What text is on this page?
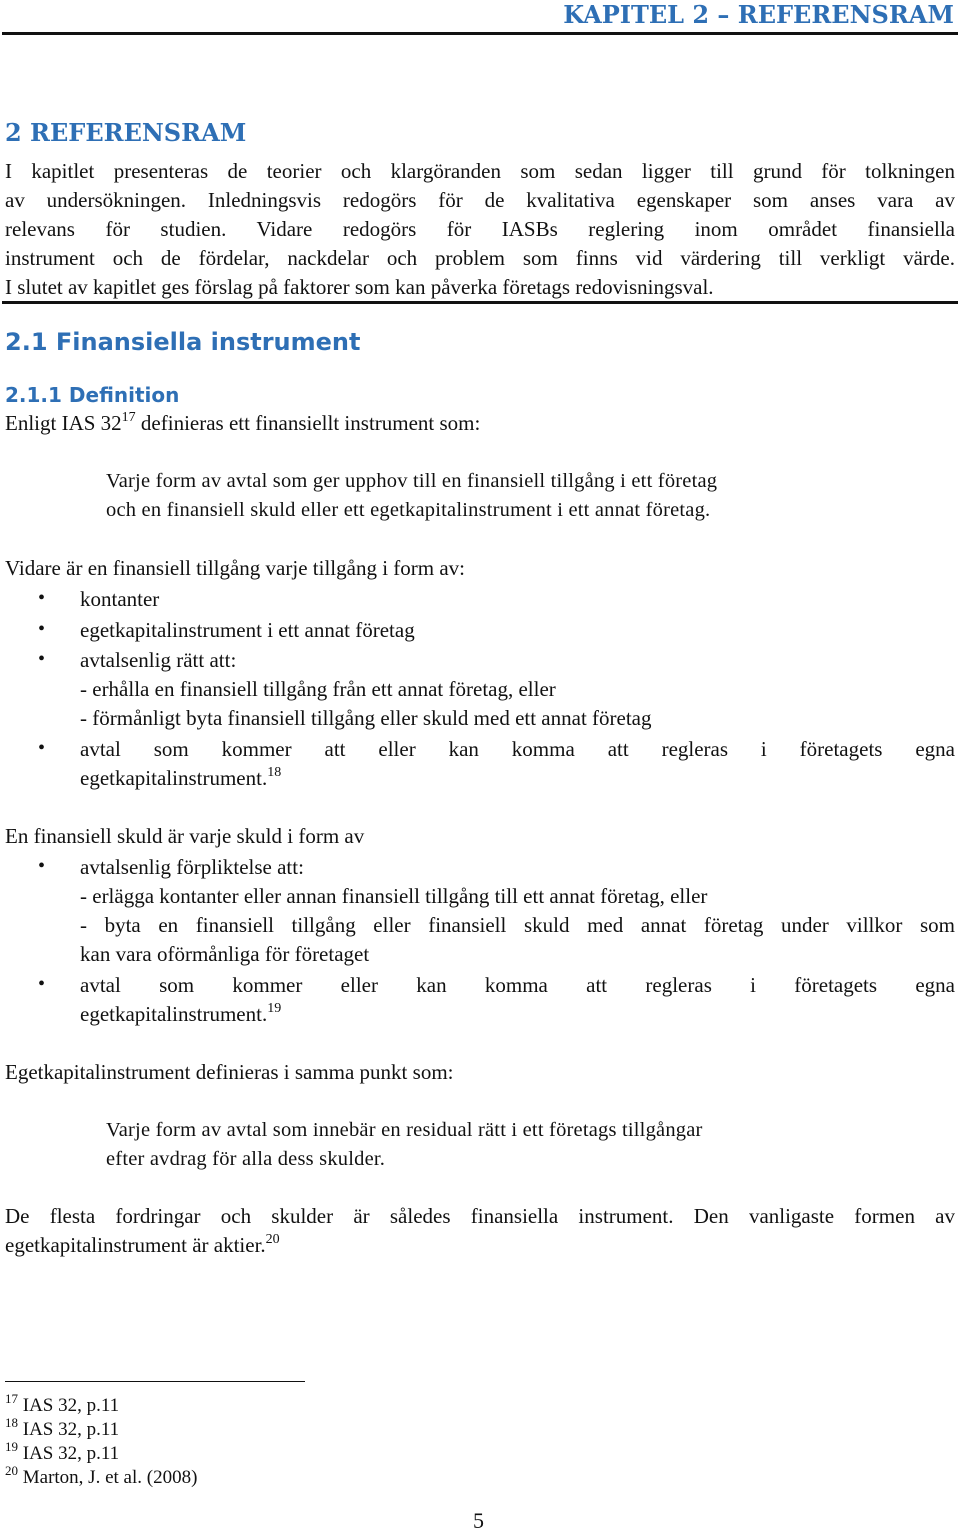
KAPITEL 2 – REFERENSRAM
2 REFERENSRAM
I kapitlet presenteras de teorier och klargöranden som sedan ligger till grund för tolkningen
av undersökningen. Inledningsvis redogörs för de kvalitativa egenskaper som anses vara av
relevans för studien. Vidare redogörs för IASBs reglering inom området finansiella
instrument och de fördelar, nackdelar och problem som finns vid värdering till verkligt värde.
I slutet av kapitlet ges förslag på faktorer som kan påverka företags redovisningsval.
2.1 Finansiella instrument
2.1.1 Definition
Enligt IAS $32^{17}$ definieras ett finansiellt instrument som:
Varje form av avtal som ger upphov till en finansiell tillgång i ett företag
och en finansiell skuld eller ett egetkapitalinstrument i ett annat företag.
Vidare är en finansiell tillgång varje tillgång i form av:
• kontanter
• egetkapitalinstrument i ett annat företag
• avtalsenlig rätt att:
- erhålla en finansiell tillgång från ett annat företag, eller
- förmånligt byta finansiell tillgång eller skuld med ett annat företag
• avtal som kommer att eller kan komma att regleras i företagets egna
egetkapitalinstrument.$^{18}$
En finansiell skuld är varje skuld i form av
• avtalsenlig förpliktelse att:
- erlägga kontanter eller annan finansiell tillgång till ett annat företag, eller
- byta en finansiell tillgång eller finansiell skuld med annat företag under villkor som
kan vara oförmånliga för företaget
• avtal som kommer eller kan komma att regleras i företagets egna
egetkapitalinstrument.$^{19}$
Egetkapitalinstrument definieras i samma punkt som:
Varje form av avtal som innebär en residual rätt i ett företags tillgångar
efter avdrag för alla dess skulder.
De flesta fordringar och skulder är således finansiella instrument. Den vanligaste formen av
egetkapitalinstrument är aktier.$^{20}$
$^{17}$ IAS 32, p.11
$^{18}$ IAS 32, p.11
$^{19}$ IAS 32, p.11
$^{20}$ Marton, J. et al. (2008)
5
